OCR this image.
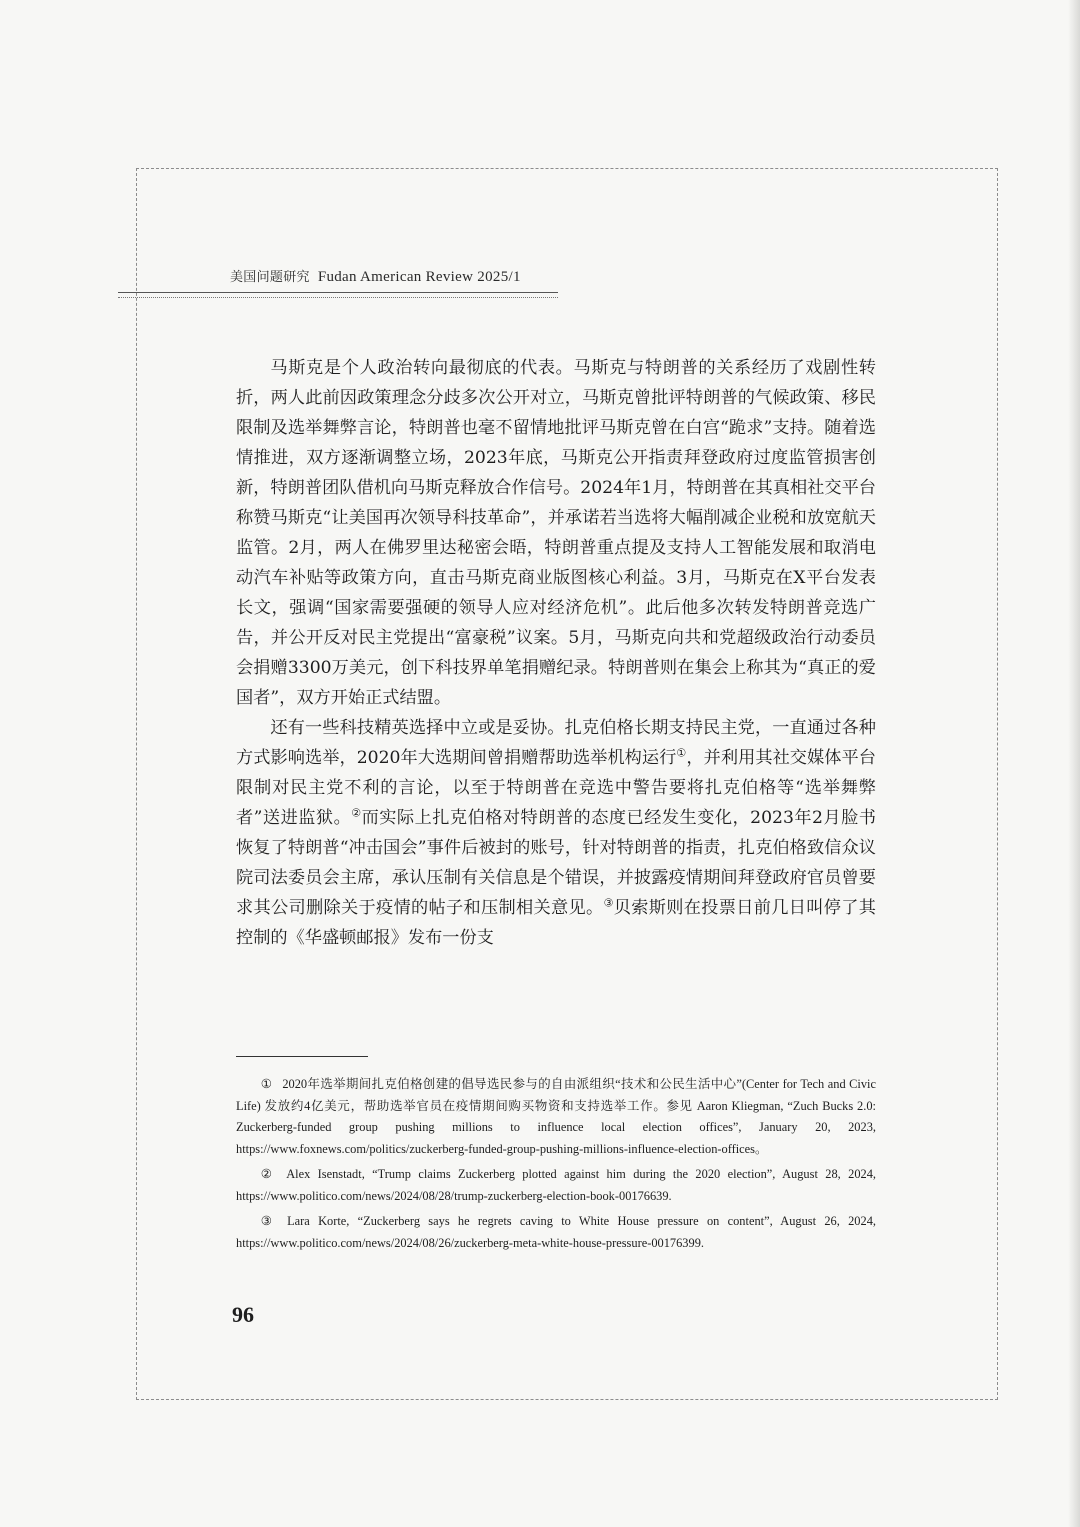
美国问题研究 Fudan American Review 2025/1

马斯克是个人政治转向最彻底的代表。马斯克与特朗普的关系经历了戏剧性转折，两人此前因政策理念分歧多次公开对立，马斯克曾批评特朗普的气候政策、移民限制及选举舞弊言论，特朗普也毫不留情地批评马斯克曾在白宫“跪求”支持。随着选情推进，双方逐渐调整立场，2023年底，马斯克公开指责拜登政府过度监管损害创新，特朗普团队借机向马斯克释放合作信号。2024年1月，特朗普在其真相社交平台称赞马斯克“让美国再次领导科技革命”，并承诺若当选将大幅削减企业税和放宽航天监管。2月，两人在佛罗里达秘密会晤，特朗普重点提及支持人工智能发展和取消电动汽车补贴等政策方向，直击马斯克商业版图核心利益。3月，马斯克在X平台发表长文，强调“国家需要强硬的领导人应对经济危机”。此后他多次转发特朗普竞选广告，并公开反对民主党提出“富豪税”议案。5月，马斯克向共和党超级政治行动委员会捐赠3300万美元，创下科技界单笔捐赠纪录。特朗普则在集会上称其为“真正的爱国者”，双方开始正式结盟。

还有一些科技精英选择中立或是妥协。扎克伯格长期支持民主党，一直通过各种方式影响选举，2020年大选期间曾捐赠帮助选举机构运行①，并利用其社交媒体平台限制对民主党不利的言论，以至于特朗普在竞选中警告要将扎克伯格等“选举舞弊者”送进监狱。②而实际上扎克伯格对特朗普的态度已经发生变化，2023年2月脸书恢复了特朗普“冲击国会”事件后被封的账号，针对特朗普的指责，扎克伯格致信众议院司法委员会主席，承认压制有关信息是个错误，并披露疫情期间拜登政府官员曾要求其公司删除关于疫情的帖子和压制相关意见。③贝索斯则在投票日前几日叫停了其控制的《华盛顿邮报》发布一份支

① 2020年选举期间扎克伯格创建的倡导选民参与的自由派组织“技术和公民生活中心”(Center for Tech and Civic Life) 发放约4亿美元，帮助选举官员在疫情期间购买物资和支持选举工作。参见 Aaron Kliegman, “Zuch Bucks 2.0: Zuckerberg-funded group pushing millions to influence local election offices”, January 20, 2023, https://www.foxnews.com/politics/zuckerberg-funded-group-pushing-millions-influence-election-offices。
② Alex Isenstadt, “Trump claims Zuckerberg plotted against him during the 2020 election”, August 28, 2024, https://www.politico.com/news/2024/08/28/trump-zuckerberg-election-book-00176639.
③ Lara Korte, “Zuckerberg says he regrets caving to White House pressure on content”, August 26, 2024, https://www.politico.com/news/2024/08/26/zuckerberg-meta-white-house-pressure-00176399.
96
